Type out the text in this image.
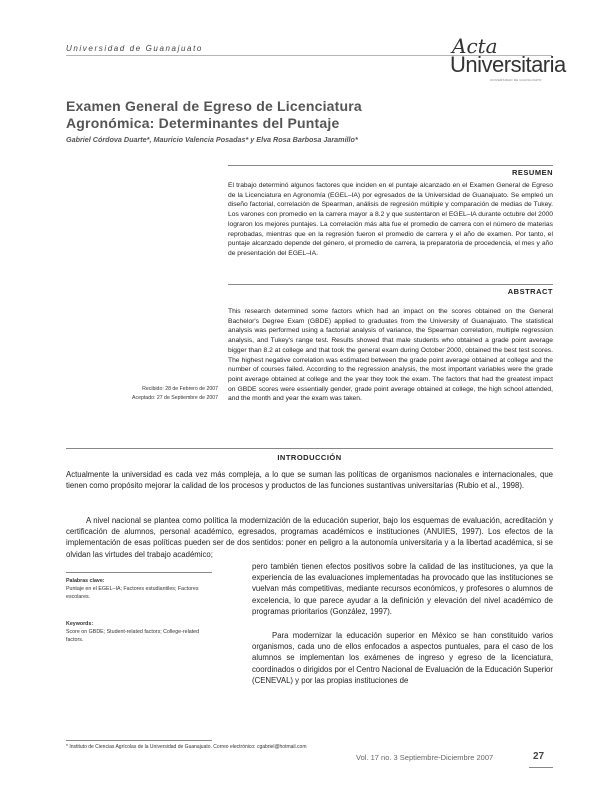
Universidad de Guanajuato	Acta
Universitaria
UNIVERSIDAD DE GUANAJUATO
Examen General de Egreso de Licenciatura
Agronómica: Determinantes del Puntaje
Gabriel Córdova Duarte*, Mauricio Valencia Posadas* y Elva Rosa Barbosa Jaramillo*
RESUMEN
El trabajo determinó algunos factores que inciden en el puntaje alcanzado en el Examen General de Egreso de la Licenciatura en Agronomía (EGEL–IA) por egresados de la Universidad de Guanajuato. Se empleó un diseño factorial, correlación de Spearman, análisis de regresión múltiple y comparación de medias de Tukey. Los varones con promedio en la carrera mayor a 8.2 y que sustentaron el EGEL–IA durante octubre del 2000 lograron los mejores puntajes. La correlación más alta fue el promedio de carrera con el número de materias reprobadas, mientras que en la regresión fueron el promedio de carrera y el año de examen. Por tanto, el puntaje alcanzado depende del género, el promedio de carrera, la preparatoria de procedencia, el mes y año de presentación del EGEL–IA.
ABSTRACT
This research determined some factors which had an impact on the scores obtained on the General Bachelor's Degree Exam (GBDE) applied to graduates from the University of Guanajuato. The statistical analysis was performed using a factorial analysis of variance, the Spearman correlation, multiple regression analysis, and Tukey's range test. Results showed that male students who obtained a grade point average bigger than 8.2 at college and that took the general exam during October 2000, obtained the best test scores. The highest negative correlation was estimated between the grade point average obtained at college and the number of courses failed. According to the regression analysis, the most important variables were the grade point average obtained at college and the year they took the exam. The factors that had the greatest impact on GBDE scores were essentially gender, grade point average obtained at college, the high school attended, and the month and year the exam was taken.
Recibido: 28 de Febrero de 2007
Aceptado: 27 de Septiembre de 2007
INTRODUCCIÓN
Actualmente la universidad es cada vez más compleja, a lo que se suman las políticas de organismos nacionales e internacionales, que tienen como propósito mejorar la calidad de los procesos y productos de las funciones sustantivas universitarias (Rubio et al., 1998).
A nivel nacional se plantea como política la modernización de la educación superior, bajo los esquemas de evaluación, acreditación y certificación de alumnos, personal académico, egresados, programas académicos e instituciones (ANUIES, 1997). Los efectos de la implementación de esas políticas pueden ser de dos sentidos: poner en peligro a la autonomía universitaria y a la libertad académica, si se olvidan las virtudes del trabajo académico;
pero también tienen efectos positivos sobre la calidad de las instituciones, ya que la experiencia de las evaluaciones implementadas ha provocado que las instituciones se vuelvan más competitivas, mediante recursos económicos, y profesores o alumnos de excelencia, lo que parece ayudar a la definición y elevación del nivel académico de programas prioritarios (González, 1997).
Para modernizar la educación superior en México se han constituido varios organismos, cada uno de ellos enfocados a aspectos puntuales, para el caso de los alumnos se implementan los exámenes de ingreso y egreso de la licenciatura, coordinados o dirigidos por el Centro Nacional de Evaluación de la Educación Superior (CENEVAL) y por las propias instituciones de
Palabras clave:
Puntaje en el EGEL–IA; Factores estudiantiles; Factores escolares.
Keywords:
Score on GBDE; Student-related factors; College-related factors.
* Instituto de Ciencias Agrícolas de la Universidad de Guanajuato. Correo electrónico: cgabriel@hotmail.com
Vol. 17 no. 3 Septiembre-Diciembre 2007	27
